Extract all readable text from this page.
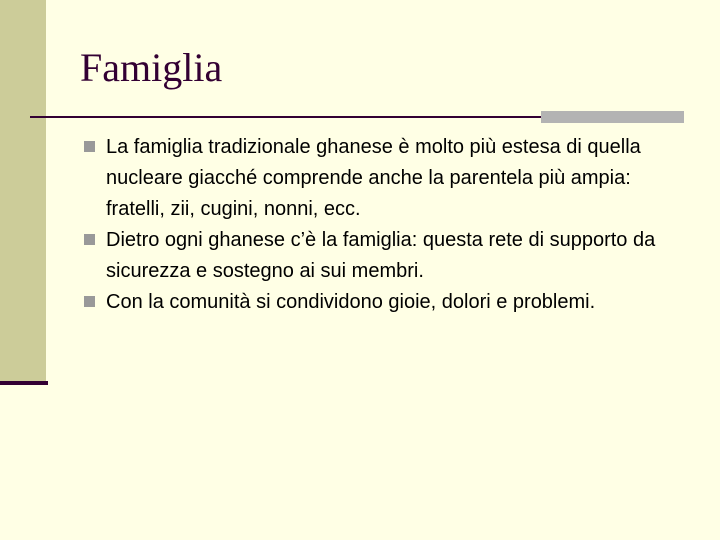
Famiglia
La famiglia tradizionale ghanese è molto più estesa di quella nucleare giacché comprende anche la parentela più ampia: fratelli, zii, cugini, nonni, ecc.
Dietro ogni ghanese c’è la famiglia: questa rete di supporto da sicurezza e sostegno ai sui membri.
Con la comunità si condividono gioie, dolori e problemi.
